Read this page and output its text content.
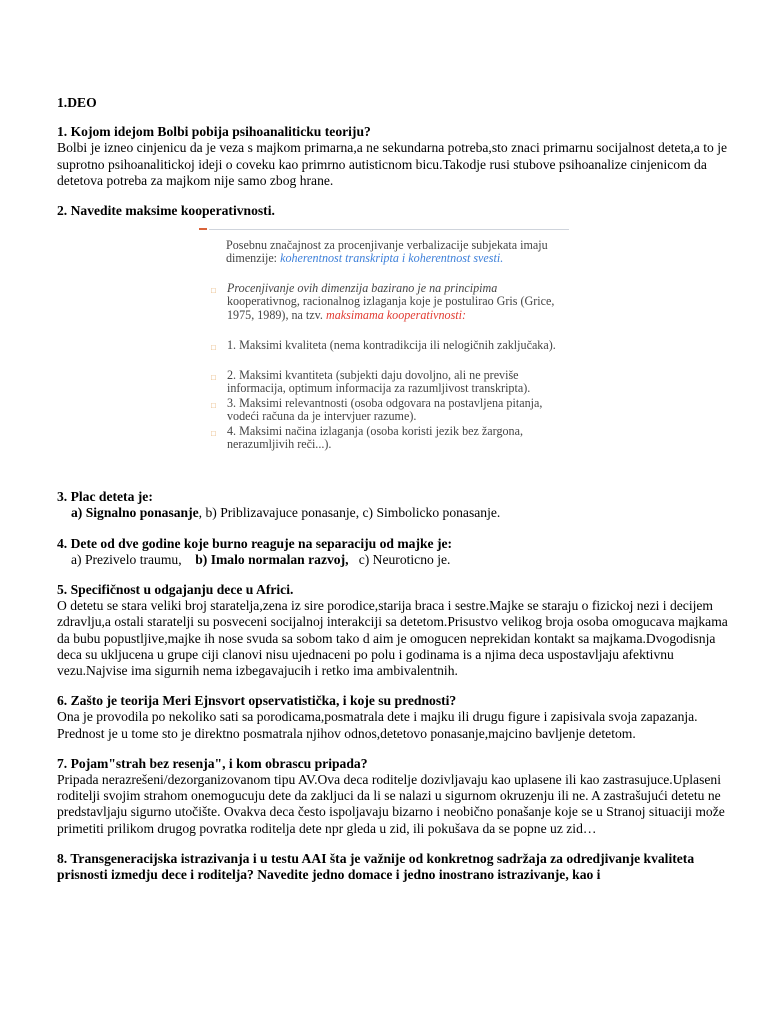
1.DEO
1. Kojom idejom Bolbi pobija psihoanaliticku teoriju?

Bolbi je izneo cinjenicu da je veza s majkom primarna,a ne sekundarna potreba,sto znaci primarnu socijalnost deteta,a to je suprotno psihoanalitickoj ideji o coveku kao primrno autisticnom bicu.Takodje rusi stubove psihoanalize cinjenicom da detetova potreba za majkom nije samo zbog hrane.

2. Navedite maksime kooperativnosti.
Posebnu značajnost za procenjivanje verbalizacije subjekata imaju dimenzije: koherentnost transkripta i koherentnost svesti.
□ Procenjivanje ovih dimenzija bazirano je na principima kooperativnog, racionalnog izlaganja koje je postulirao Gris (Grice, 1975, 1989), na tzv. maksimama kooperativnosti:
□ 1. Maksimi kvaliteta (nema kontradikcija ili nelogičnih zaključaka).
□ 2. Maksimi kvantiteta (subjekti daju dovoljno, ali ne previše informacija, optimum informacija za razumljivost transkripta).
□ 3. Maksimi relevantnosti (osoba odgovara na postavljena pitanja, vodeći računa da je intervjuer razume).
□ 4. Maksimi načina izlaganja (osoba koristi jezik bez žargona, nerazumljivih reči...).
3. Plac deteta je:
a) Signalno ponasanje, b) Priblizavajuce ponasanje, c) Simbolicko ponasanje.
4. Dete od dve godine koje burno reaguje na separaciju od majke je:
a) Prezivelo traumu, b) Imalo normalan razvoj, c) Neuroticno je.
5. Specifičnost u odgajanju dece u Africi.

O detetu se stara veliki broj staratelja,zena iz sire porodice,starija braca i sestre.Majke se staraju o fizickoj nezi i decijem zdravlju,a ostali staratelji su posveceni socijalnoj interakciji sa detetom.Prisustvo velikog broja osoba omogucava majkama da bubu popustljive,majke ih nose svuda sa sobom tako d aim je omogucen neprekidan kontakt sa majkama.Dvogodisnja deca su ukljucena u grupe ciji clanovi nisu ujednaceni po polu i godinama is a njima deca uspostavljaju afektivnu vezu.Najvise ima sigurnih nema izbegavajucih i retko ima ambivalentnih.

6. Zašto je teorija Meri Ejnsvort opservatistička, i koje su prednosti?

Ona je provodila po nekoliko sati sa porodicama,posmatrala dete i majku ili drugu figure i zapisivala svoja zapazanja.

Prednost je u tome sto je direktno posmatrala njihov odnos,detetovo ponasanje,majcino bavljenje detetom.

7. Pojam"strah bez resenja", i kom obrascu pripada?

Pripada nerazrešeni/dezorganizovanom tipu AV.Ova deca roditelje dozivljavaju kao uplasene ili kao zastrasujuce.Uplaseni roditelji svojim strahom onemogucuju dete da zakljuci da li se nalazi u sigurnom okruzenju ili ne. A zastrašujući detetu ne predstavljaju sigurno utočište. Ovakva deca često ispoljavaju bizarno i neobično ponašanje koje se u Stranoj situaciji može primetiti prilikom drugog povratka roditelja dete npr gleda u zid, ili pokušava da se popne uz zid…

8. Transgeneracijska istrazivanja i u testu AAI šta je važnije od konkretnog sadržaja za odredjivanje kvaliteta prisnosti izmedju dece i roditelja? Navedite jedno domace i jedno inostrano istrazivanje, kao i
